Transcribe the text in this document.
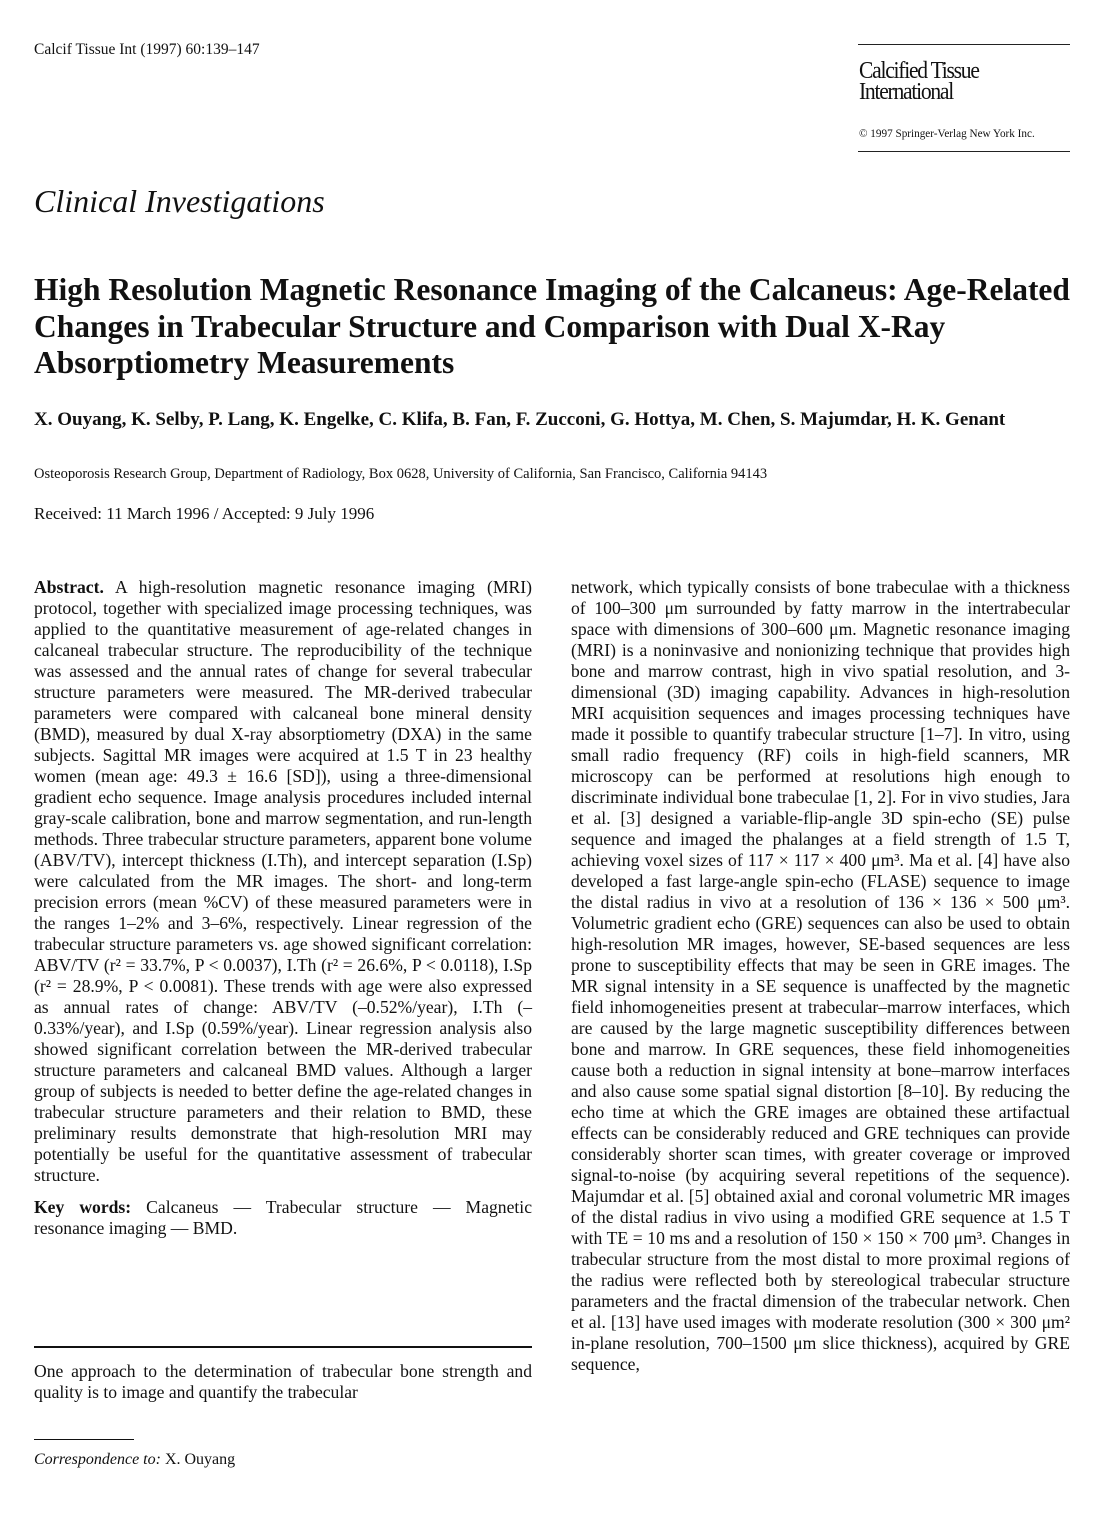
Calcif Tissue Int (1997) 60:139–147
Calcified Tissue International
© 1997 Springer-Verlag New York Inc.
Clinical Investigations
High Resolution Magnetic Resonance Imaging of the Calcaneus: Age-Related Changes in Trabecular Structure and Comparison with Dual X-Ray Absorptiometry Measurements
X. Ouyang, K. Selby, P. Lang, K. Engelke, C. Klifa, B. Fan, F. Zucconi, G. Hottya, M. Chen, S. Majumdar, H. K. Genant
Osteoporosis Research Group, Department of Radiology, Box 0628, University of California, San Francisco, California 94143
Received: 11 March 1996 / Accepted: 9 July 1996

Abstract. A high-resolution magnetic resonance imaging (MRI) protocol, together with specialized image processing techniques, was applied to the quantitative measurement of age-related changes in calcaneal trabecular structure. The reproducibility of the technique was assessed and the annual rates of change for several trabecular structure parameters were measured. The MR-derived trabecular parameters were compared with calcaneal bone mineral density (BMD), measured by dual X-ray absorptiometry (DXA) in the same subjects. Sagittal MR images were acquired at 1.5 T in 23 healthy women (mean age: 49.3 ± 16.6 [SD]), using a three-dimensional gradient echo sequence. Image analysis procedures included internal gray-scale calibration, bone and marrow segmentation, and run-length methods. Three trabecular structure parameters, apparent bone volume (ABV/TV), intercept thickness (I.Th), and intercept separation (I.Sp) were calculated from the MR images. The short- and long-term precision errors (mean %CV) of these measured parameters were in the ranges 1–2% and 3–6%, respectively. Linear regression of the trabecular structure parameters vs. age showed significant correlation: ABV/TV (r² = 33.7%, P < 0.0037), I.Th (r² = 26.6%, P < 0.0118), I.Sp (r² = 28.9%, P < 0.0081). These trends with age were also expressed as annual rates of change: ABV/TV (–0.52%/year), I.Th (–0.33%/year), and I.Sp (0.59%/year). Linear regression analysis also showed significant correlation between the MR-derived trabecular structure parameters and calcaneal BMD values. Although a larger group of subjects is needed to better define the age-related changes in trabecular structure parameters and their relation to BMD, these preliminary results demonstrate that high-resolution MRI may potentially be useful for the quantitative assessment of trabecular structure.

Key words: Calcaneus — Trabecular structure — Magnetic resonance imaging — BMD.

One approach to the determination of trabecular bone strength and quality is to image and quantify the trabecular

Correspondence to: X. Ouyang

network, which typically consists of bone trabeculae with a thickness of 100–300 μm surrounded by fatty marrow in the intertrabecular space with dimensions of 300–600 μm. Magnetic resonance imaging (MRI) is a noninvasive and nonionizing technique that provides high bone and marrow contrast, high in vivo spatial resolution, and 3-dimensional (3D) imaging capability. Advances in high-resolution MRI acquisition sequences and images processing techniques have made it possible to quantify trabecular structure [1–7]. In vitro, using small radio frequency (RF) coils in high-field scanners, MR microscopy can be performed at resolutions high enough to discriminate individual bone trabeculae [1, 2]. For in vivo studies, Jara et al. [3] designed a variable-flip-angle 3D spin-echo (SE) pulse sequence and imaged the phalanges at a field strength of 1.5 T, achieving voxel sizes of 117 × 117 × 400 μm³. Ma et al. [4] have also developed a fast large-angle spin-echo (FLASE) sequence to image the distal radius in vivo at a resolution of 136 × 136 × 500 μm³. Volumetric gradient echo (GRE) sequences can also be used to obtain high-resolution MR images, however, SE-based sequences are less prone to susceptibility effects that may be seen in GRE images. The MR signal intensity in a SE sequence is unaffected by the magnetic field inhomogeneities present at trabecular–marrow interfaces, which are caused by the large magnetic susceptibility differences between bone and marrow. In GRE sequences, these field inhomogeneities cause both a reduction in signal intensity at bone–marrow interfaces and also cause some spatial signal distortion [8–10]. By reducing the echo time at which the GRE images are obtained these artifactual effects can be considerably reduced and GRE techniques can provide considerably shorter scan times, with greater coverage or improved signal-to-noise (by acquiring several repetitions of the sequence). Majumdar et al. [5] obtained axial and coronal volumetric MR images of the distal radius in vivo using a modified GRE sequence at 1.5 T with TE = 10 ms and a resolution of 150 × 150 × 700 μm³. Changes in trabecular structure from the most distal to more proximal regions of the radius were reflected both by stereological trabecular structure parameters and the fractal dimension of the trabecular network. Chen et al. [13] have used images with moderate resolution (300 × 300 μm² in-plane resolution, 700–1500 μm slice thickness), acquired by GRE sequence,
